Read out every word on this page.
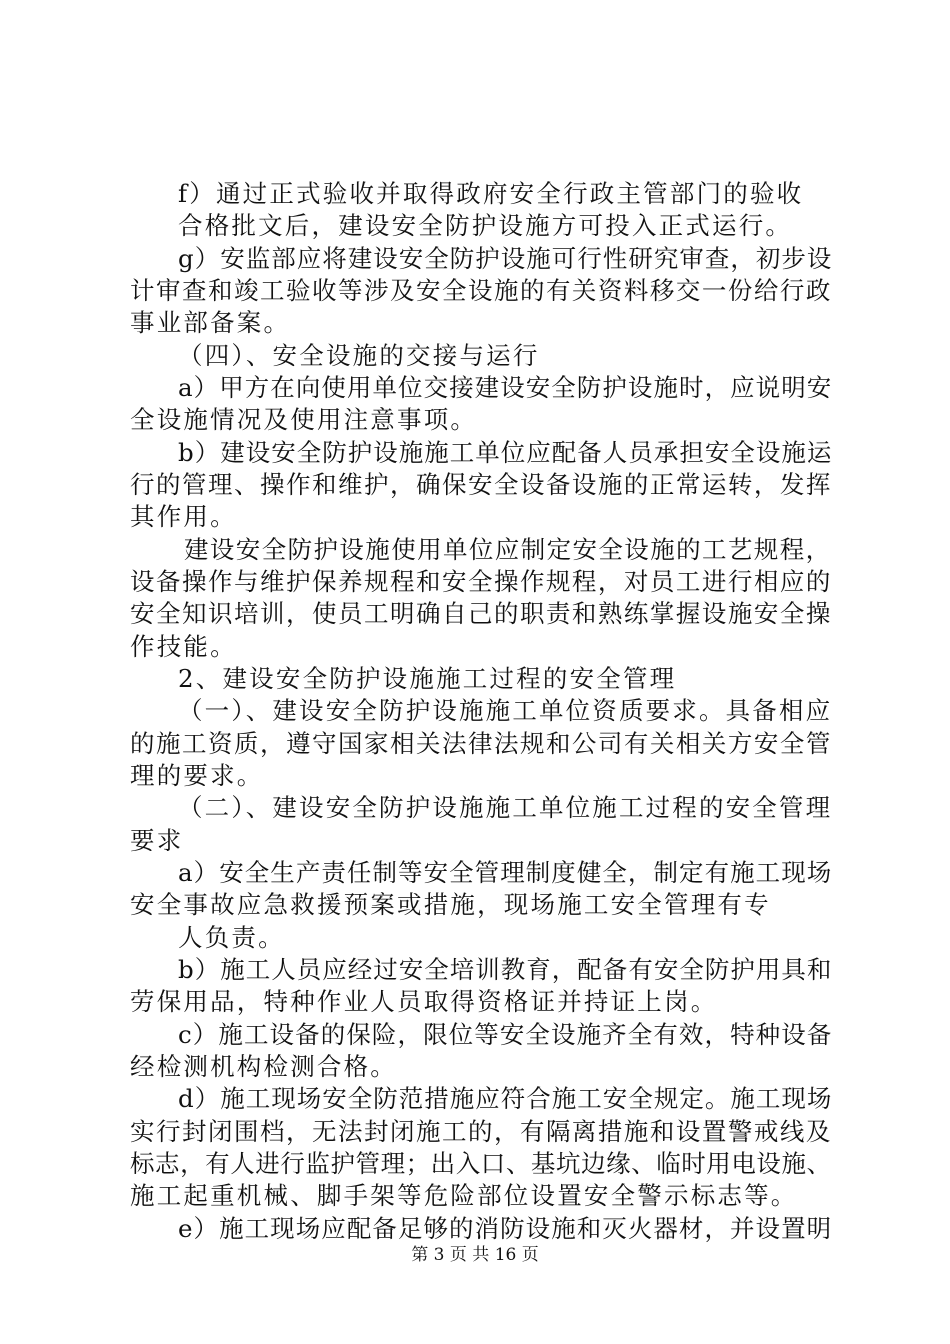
f）通过正式验收并取得政府安全行政主管部门的验收
合格批文后，建设安全防护设施方可投入正式运行。
g）安监部应将建设安全防护设施可行性研究审查，初步设
计审查和竣工验收等涉及安全设施的有关资料移交一份给行政
事业部备案。
（四）、安全设施的交接与运行
a）甲方在向使用单位交接建设安全防护设施时，应说明安
全设施情况及使用注意事项。
b）建设安全防护设施施工单位应配备人员承担安全设施运
行的管理、操作和维护，确保安全设备设施的正常运转，发挥
其作用。
建设安全防护设施使用单位应制定安全设施的工艺规程，
设备操作与维护保养规程和安全操作规程，对员工进行相应的
安全知识培训，使员工明确自己的职责和熟练掌握设施安全操
作技能。
2、建设安全防护设施施工过程的安全管理
（一）、建设安全防护设施施工单位资质要求。具备相应
的施工资质，遵守国家相关法律法规和公司有关相关方安全管
理的要求。
（二）、建设安全防护设施施工单位施工过程的安全管理
要求
a）安全生产责任制等安全管理制度健全，制定有施工现场
安全事故应急救援预案或措施，现场施工安全管理有专
人负责。
b）施工人员应经过安全培训教育，配备有安全防护用具和
劳保用品，特种作业人员取得资格证并持证上岗。
c）施工设备的保险，限位等安全设施齐全有效，特种设备
经检测机构检测合格。
d）施工现场安全防范措施应符合施工安全规定。施工现场
实行封闭围档，无法封闭施工的，有隔离措施和设置警戒线及
标志，有人进行监护管理；出入口、基坑边缘、临时用电设施、
施工起重机械、脚手架等危险部位设置安全警示标志等。
e）施工现场应配备足够的消防设施和灭火器材，并设置明
第 3 页 共 16 页
